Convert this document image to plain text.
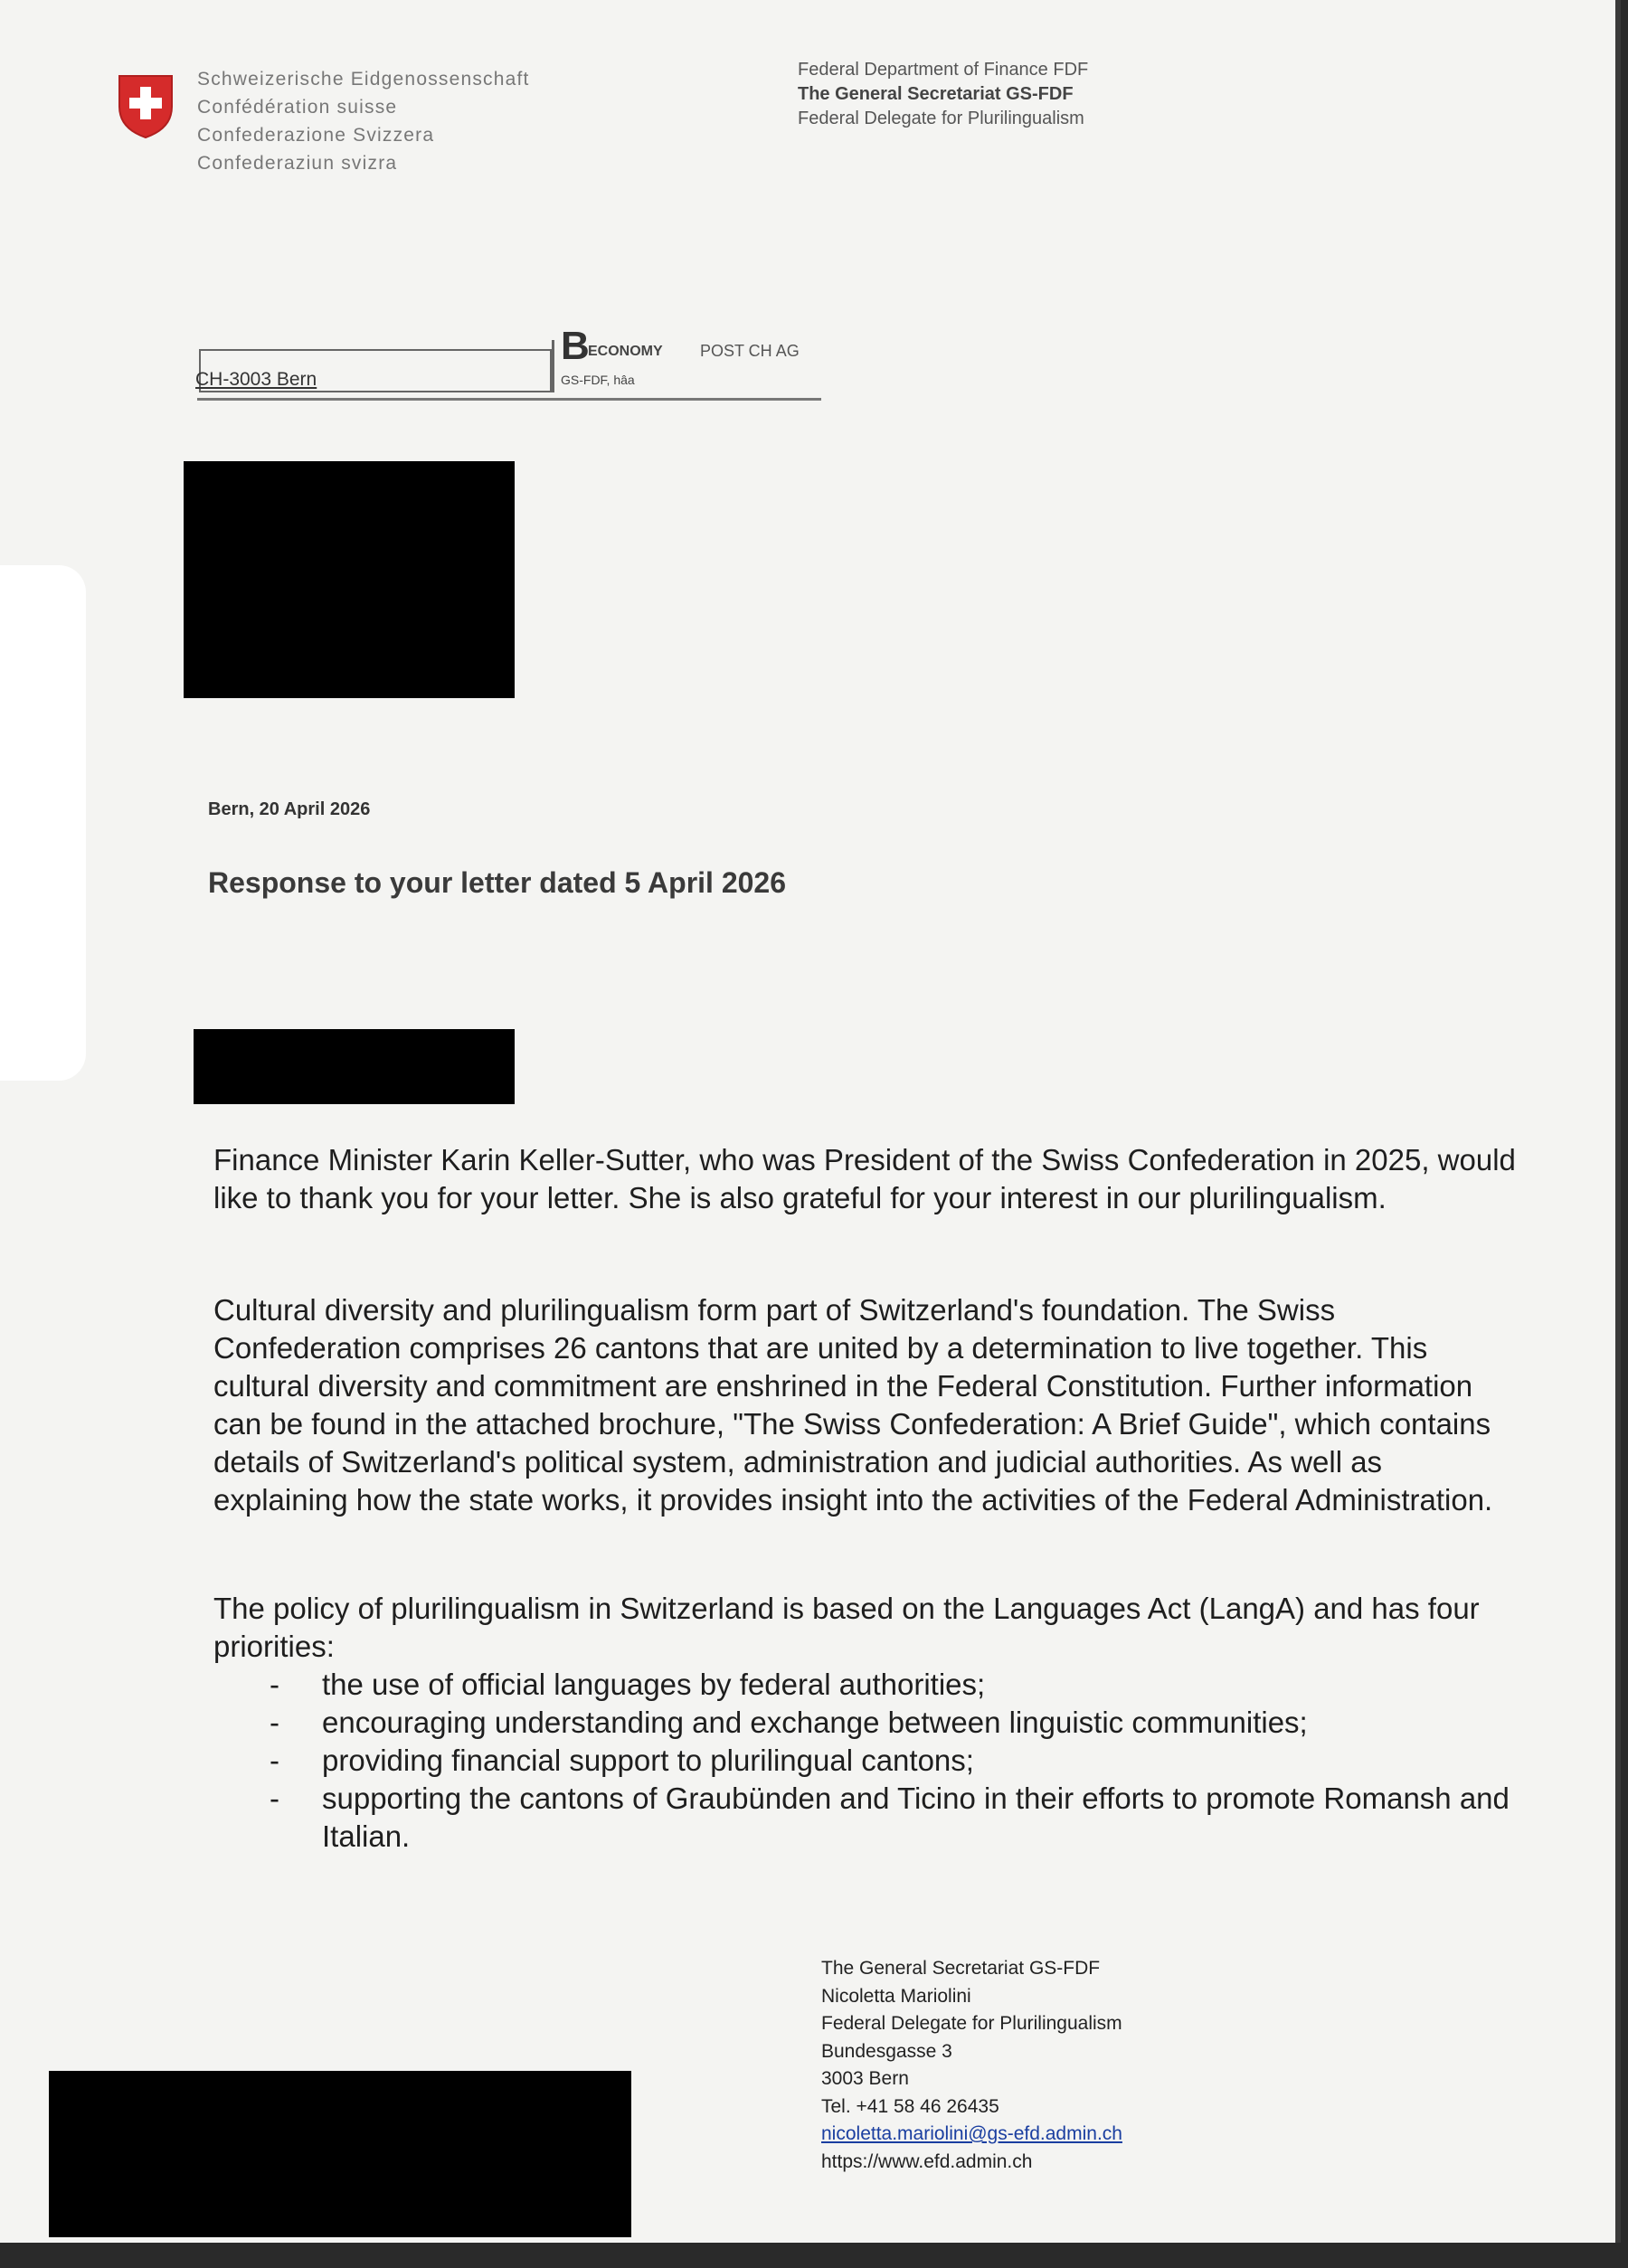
Schweizerische Eidgenossenschaft
Confédération suisse
Confederazione Svizzera
Confederaziun svizra
Federal Department of Finance FDF
The General Secretariat GS-FDF
Federal Delegate for Plurilingualism
CH-3003 Bern
B
ECONOMY POST CH AG
GS-FDF, hâa
Bern, 20 April 2026
Response to your letter dated 5 April 2026
Finance Minister Karin Keller-Sutter, who was President of the Swiss Confederation in 2025, would like to thank you for your letter. She is also grateful for your interest in our plurilingualism.
Cultural diversity and plurilingualism form part of Switzerland's foundation. The Swiss Confederation comprises 26 cantons that are united by a determination to live together. This cultural diversity and commitment are enshrined in the Federal Constitution. Further information can be found in the attached brochure, "The Swiss Confederation: A Brief Guide", which contains details of Switzerland's political system, administration and judicial authorities. As well as explaining how the state works, it provides insight into the activities of the Federal Administration.
The policy of plurilingualism in Switzerland is based on the Languages Act (LangA) and has four priorities:
- the use of official languages by federal authorities;
- encouraging understanding and exchange between linguistic communities;
- providing financial support to plurilingual cantons;
- supporting the cantons of Graubünden and Ticino in their efforts to promote Romansh and Italian.
The General Secretariat GS-FDF
Nicoletta Mariolini
Federal Delegate for Plurilingualism
Bundesgasse 3
3003 Bern
Tel. +41 58 46 26435
nicoletta.mariolini@gs-efd.admin.ch
https://www.efd.admin.ch
